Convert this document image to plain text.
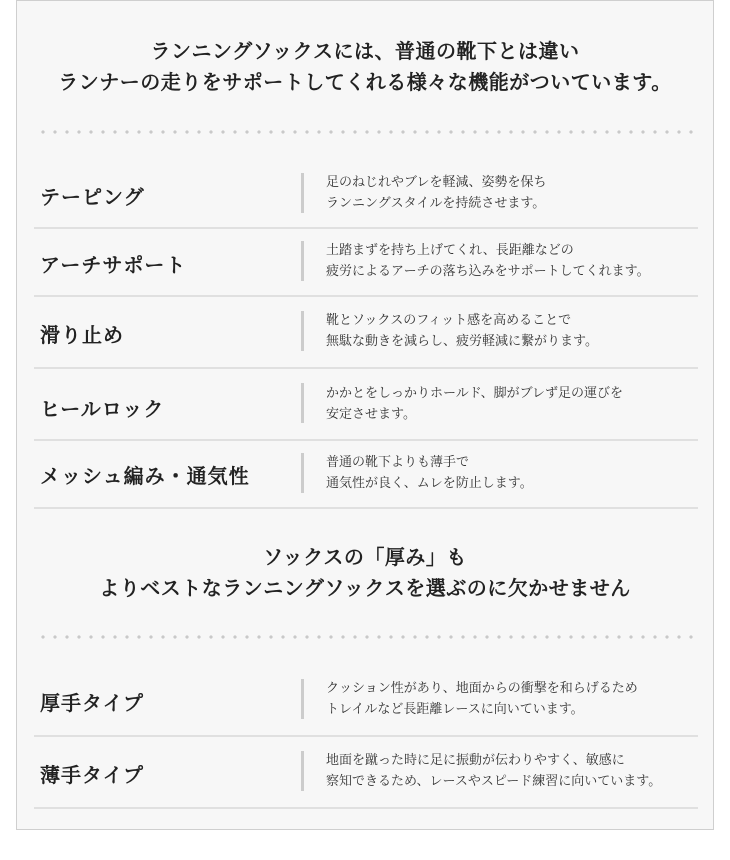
ランニングソックスには、普通の靴下とは違い
ランナーの走りをサポートしてくれる様々な機能がついています。
テーピング
足のねじれやブレを軽減、姿勢を保ち
ランニングスタイルを持続させます。
アーチサポート
土踏まずを持ち上げてくれ、長距離などの
疲労によるアーチの落ち込みをサポートしてくれます。
滑り止め
靴とソックスのフィット感を高めることで
無駄な動きを減らし、疲労軽減に繋がります。
ヒールロック
かかとをしっかりホールド、脚がブレず足の運びを
安定させます。
メッシュ編み・通気性
普通の靴下よりも薄手で
通気性が良く、ムレを防止します。
ソックスの「厚み」も
よりベストなランニングソックスを選ぶのに欠かせません
厚手タイプ
クッション性があり、地面からの衝撃を和らげるため
トレイルなど長距離レースに向いています。
薄手タイプ
地面を蹴った時に足に振動が伝わりやすく、敏感に
察知できるため、レースやスピード練習に向いています。
